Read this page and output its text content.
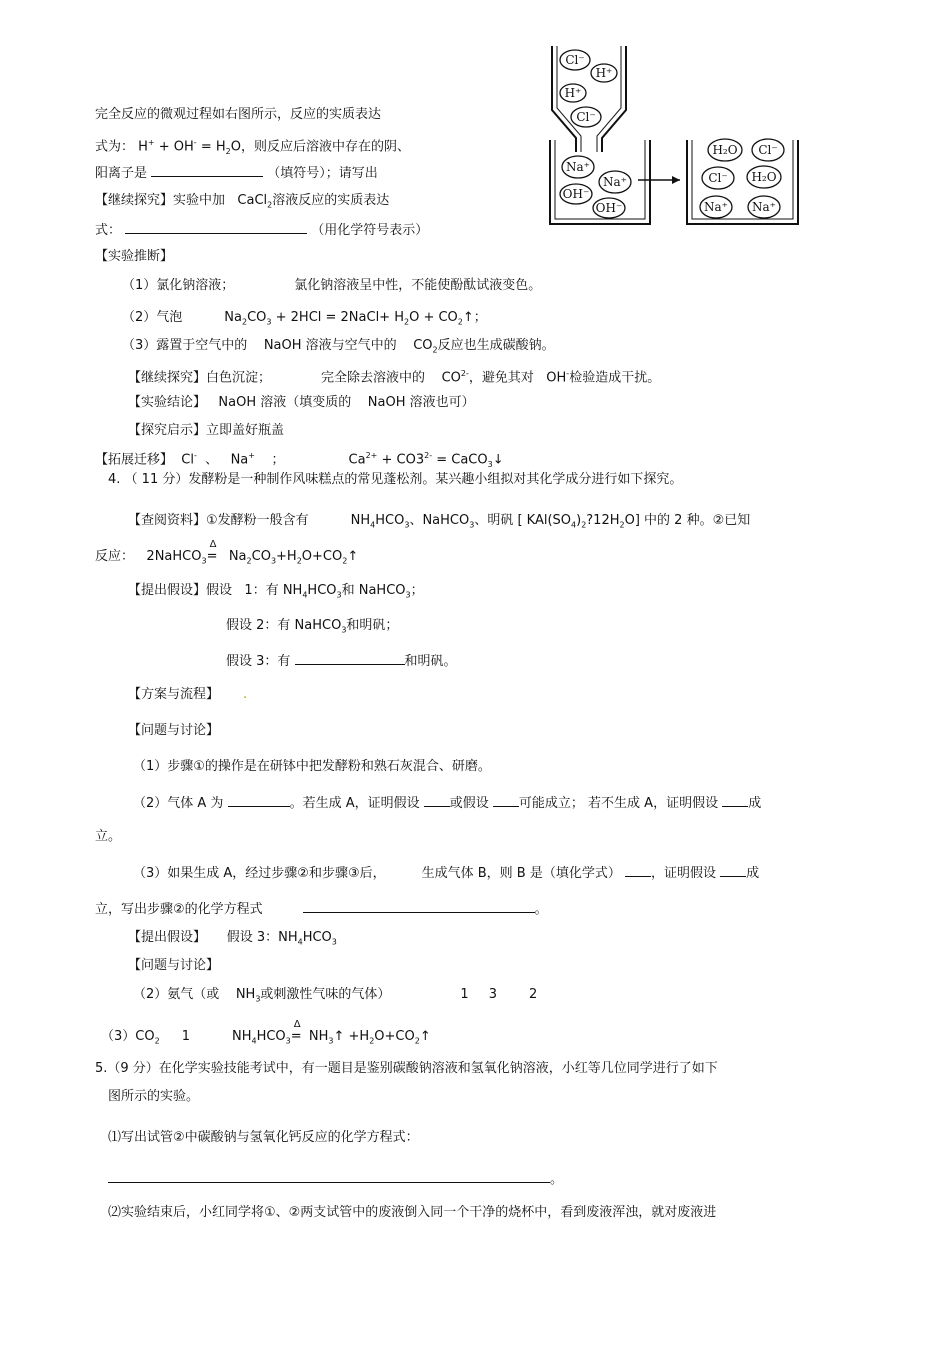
Cl⁻
H⁺
H⁺
Cl⁻
Na⁺
OH⁻
Na⁺
OH⁻
H₂O Cl⁻
Cl⁻ H₂O
Na⁺ Na⁺
完全反应的微观过程如右图所示，反应的实质表达
式为： $H^+ + OH^- = H_2O$，则反应后溶液中存在的阴、
阳离子是	（填符号）；请写出
【继续探究】实验中加 CaCl$_2$溶液反应的实质表达
式：	（用化学符号表示）
【实验推断】
（1）氯化钠溶液；	氯化钠溶液呈中性，不能使酚酞试液变色。
（2）气泡	$Na_2CO_3 + 2HCl$ = 2NaCl+ $H_2O$ + $CO_2↑$；
（3）露置于空气中的 NaOH 溶液与空气中的 $CO_2$反应也生成碳酸钠。
【继续探究】白色沉淀；	完全除去溶液中的 $CO^{2-}$，避免其对 OH-检验造成干扰。
【实验结论】 NaOH 溶液（填变质的 NaOH 溶液也可）
【探究启示】立即盖好瓶盖
【拓展迁移】 Cl- 、 Na+ ；	$Ca^{2+} + CO3^{2-}$ = CaCO$_3$↓
4. （ 11 分）发酵粉是一种制作风味糕点的常见蓬松剂。某兴趣小组拟对其化学成分进行如下探究。
【查阅资料】①发酵粉一般含有	$NH_4HCO_3$、NaHCO$_3$、明矾 [ $KAl(SO_4)_2?12H_2O$] 中的 2 种。②已知
反应： 2NaHCO$_3$
Δ
= $Na_2CO_3+H_2O+CO_2↑$
【提出假设】假设 1：有 $NH_4HCO_3$和 NaHCO$_3$；
假设 2：有 NaHCO$_3$和明矾；
假设 3：有	和明矾。
【方案与流程】 .
【问题与讨论】
（1）步骤①的操作是在研钵中把发酵粉和熟石灰混合、研磨。
（2）气体 A 为	。若生成 A，证明假设 或假设 可能成立； 若不生成 A，证明假设 成
立。
（3）如果生成 A，经过步骤②和步骤③后，	生成气体 B，则 B 是（填化学式） ，证明假设 成
立，写出步骤②的化学方程式	。
【提出假设】 假设 3：$NH_4HCO_3$
【问题与讨论】
（2）氨气（或 $NH_3$或刺激性气味的气体）	1 3 2
$(3)CO_2$ 1	$NH_4HCO_3$
Δ
= $NH_3↑$ $+H_2O+CO_2↑$
5.（9 分）在化学实验技能考试中，有一题目是鉴别碳酸钠溶液和氢氧化钠溶液，小红等几位同学进行了如下
图所示的实验。
⑴写出试管②中碳酸钠与氢氧化钙反应的化学方程式：
。
⑵实验结束后，小红同学将①、②两支试管中的废液倒入同一个干净的烧杯中，看到废液浑浊，就对废液进
